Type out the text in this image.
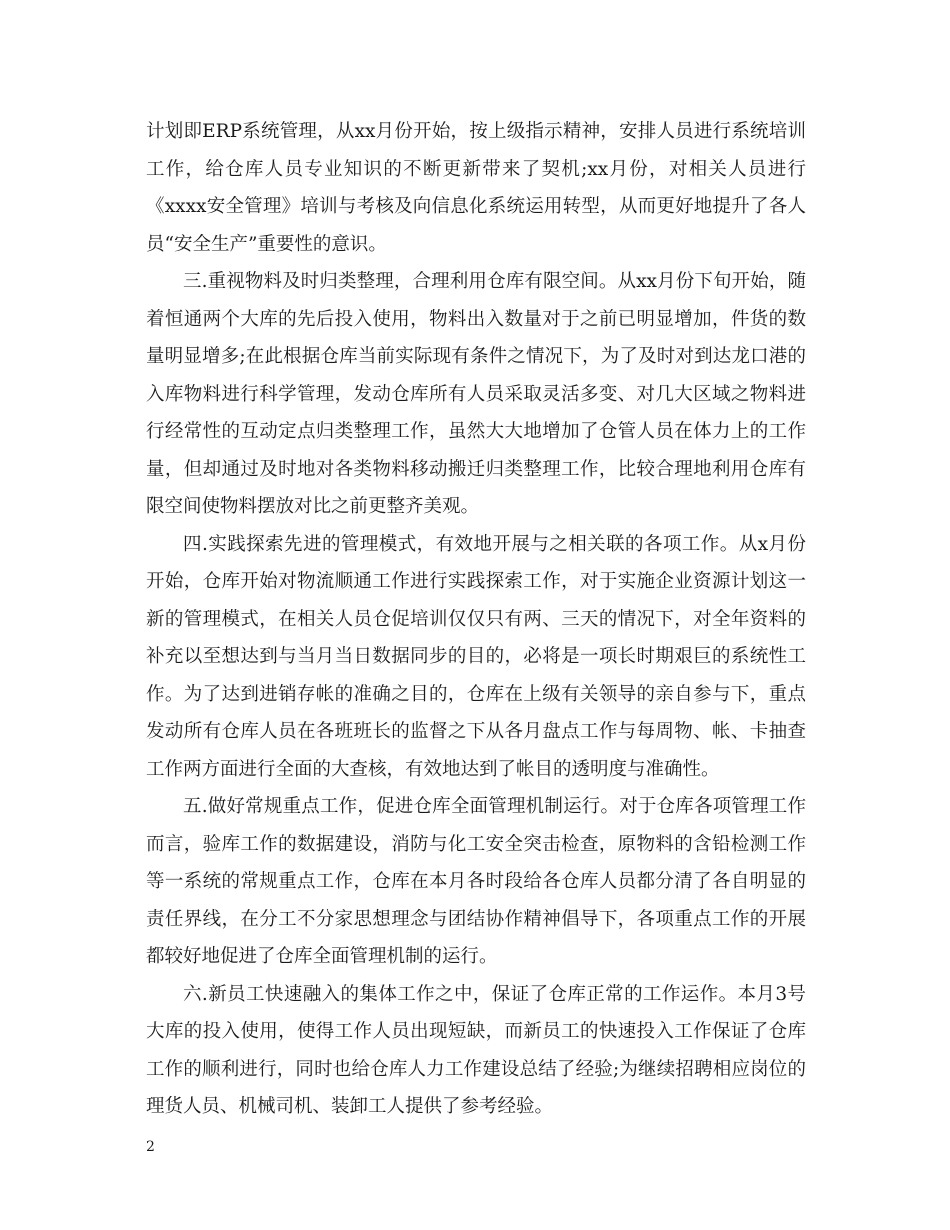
计划即ERP系统管理，从xx月份开始，按上级指示精神，安排人员进行系统培训工作，给仓库人员专业知识的不断更新带来了契机;xx月份，对相关人员进行《xxxx安全管理》培训与考核及向信息化系统运用转型，从而更好地提升了各人员“安全生产”重要性的意识。

三.重视物料及时归类整理，合理利用仓库有限空间。从xx月份下旬开始，随着恒通两个大库的先后投入使用，物料出入数量对于之前已明显增加，件货的数量明显增多;在此根据仓库当前实际现有条件之情况下，为了及时对到达龙口港的入库物料进行科学管理，发动仓库所有人员采取灵活多变、对几大区域之物料进行经常性的互动定点归类整理工作，虽然大大地增加了仓管人员在体力上的工作量，但却通过及时地对各类物料移动搬迁归类整理工作，比较合理地利用仓库有限空间使物料摆放对比之前更整齐美观。

四.实践探索先进的管理模式，有效地开展与之相关联的各项工作。从x月份开始，仓库开始对物流顺通工作进行实践探索工作，对于实施企业资源计划这一新的管理模式，在相关人员仓促培训仅仅只有两、三天的情况下，对全年资料的补充以至想达到与当月当日数据同步的目的，必将是一项长时期艰巨的系统性工作。为了达到进销存帐的准确之目的，仓库在上级有关领导的亲自参与下，重点发动所有仓库人员在各班班长的监督之下从各月盘点工作与每周物、帐、卡抽查工作两方面进行全面的大查核，有效地达到了帐目的透明度与准确性。

五.做好常规重点工作，促进仓库全面管理机制运行。对于仓库各项管理工作而言，验库工作的数据建设，消防与化工安全突击检查，原物料的含铅检测工作等一系统的常规重点工作，仓库在本月各时段给各仓库人员都分清了各自明显的责任界线，在分工不分家思想理念与团结协作精神倡导下，各项重点工作的开展都较好地促进了仓库全面管理机制的运行。

六.新员工快速融入的集体工作之中，保证了仓库正常的工作运作。本月3号大库的投入使用，使得工作人员出现短缺，而新员工的快速投入工作保证了仓库工作的顺利进行，同时也给仓库人力工作建设总结了经验;为继续招聘相应岗位的理货人员、机械司机、装卸工人提供了参考经验。

2
